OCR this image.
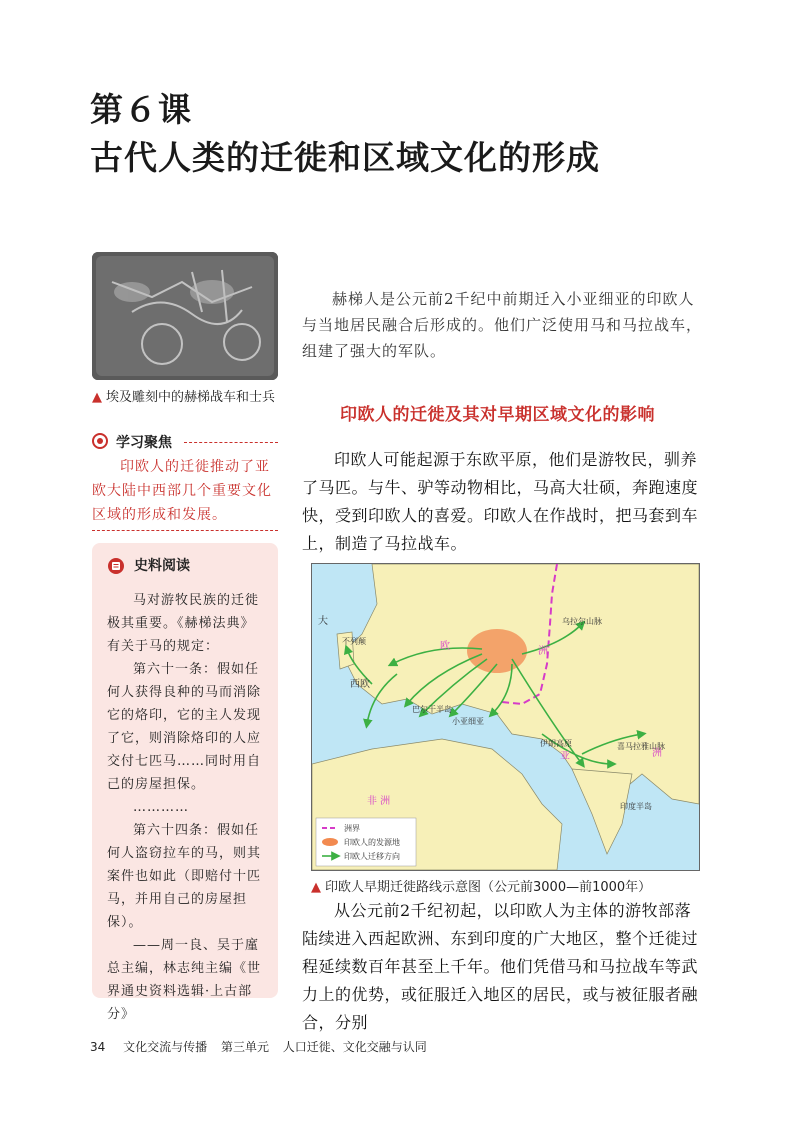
第６课
古代人类的迁徙和区域文化的形成
▲ 埃及雕刻中的赫梯战车和士兵
学习聚焦
印欧人的迁徙推动了亚欧大陆中西部几个重要文化区域的形成和发展。
史料阅读

马对游牧民族的迁徙极其重要。《赫梯法典》有关于马的规定：

第六十一条：假如任何人获得良种的马而消除它的烙印，它的主人发现了它，则消除烙印的人应交付七匹马……同时用自己的房屋担保。

…………

第六十四条：假如任何人盗窃拉车的马，则其案件也如此（即赔付十匹马，并用自己的房屋担保）。

——周一良、吴于廑总主编，林志纯主编《世界通史资料选辑·上古部分》

赫梯人是公元前2千纪中前期迁入小亚细亚的印欧人与当地居民融合后形成的。他们广泛使用马和马拉战车，组建了强大的军队。
印欧人的迁徙及其对早期区域文化的影响
印欧人可能起源于东欧平原，他们是游牧民，驯养了马匹。与牛、驴等动物相比，马高大壮硕，奔跑速度快，受到印欧人的喜爱。印欧人在作战时，把马套到车上，制造了马拉战车。
大
不列颠	欧
西欧
巴尔干半岛
小亚细亚
伊朗高原
亚
洲
洲
乌拉尔山脉
喜马拉雅山脉
印度半岛
非 洲
洲界
印欧人的发源地
印欧人迁移方向
▲ 印欧人早期迁徙路线示意图（公元前3000—前1000年）
从公元前2千纪初起，以印欧人为主体的游牧部落陆续进入西起欧洲、东到印度的广大地区，整个迁徙过程延续数百年甚至上千年。他们凭借马和马拉战车等武力上的优势，或征服迁入地区的居民，或与被征服者融合，分别
34 文化交流与传播 第三单元 人口迁徙、文化交融与认同
